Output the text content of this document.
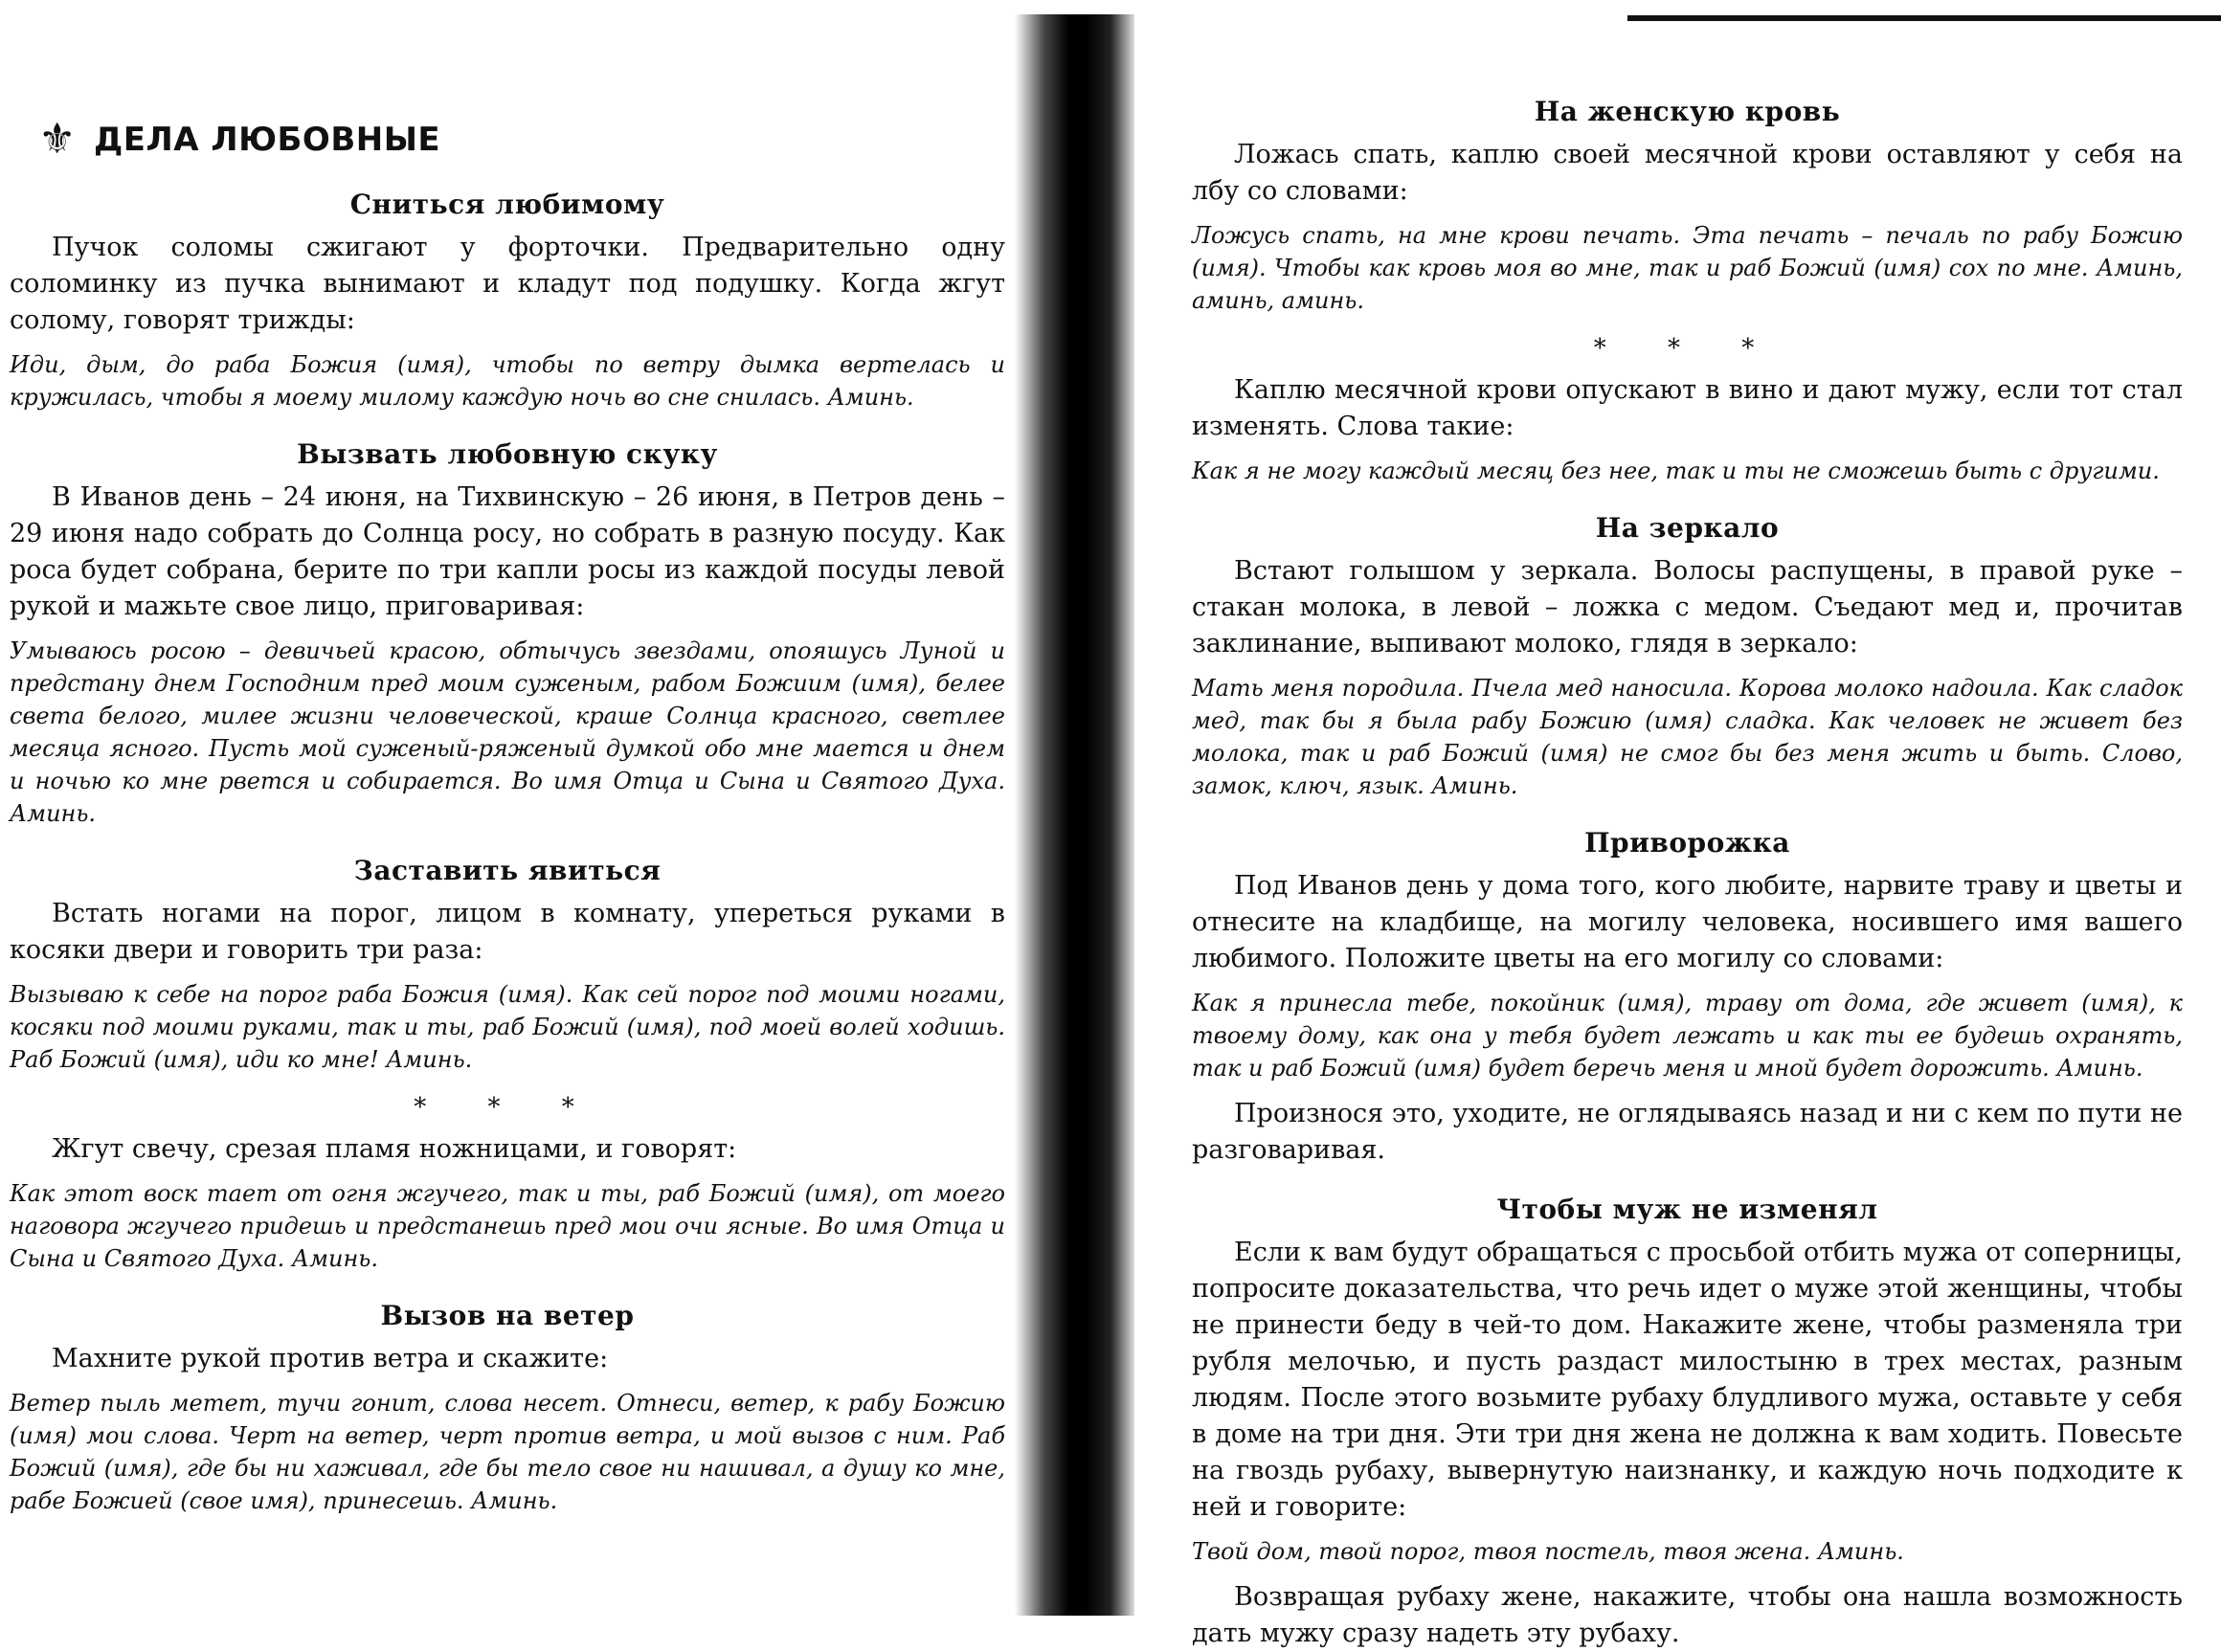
⚜ ДЕЛА ЛЮБОВНЫЕ
Сниться любимому

Пучок соломы сжигают у форточки. Предварительно одну соломинку из пучка вынимают и кладут под подушку. Когда жгут солому, говорят трижды:

Иди, дым, до раба Божия (имя), чтобы по ветру дымка вертелась и кружилась, чтобы я моему милому каждую ночь во сне снилась. Аминь.

Вызвать любовную скуку

В Иванов день – 24 июня, на Тихвинскую – 26 июня, в Петров день – 29 июня надо собрать до Солнца росу, но собрать в разную посуду. Как роса будет собрана, берите по три капли росы из каждой посуды левой рукой и мажьте свое лицо, приговаривая:

Умываюсь росою – девичьей красою, обтычусь звездами, опояшусь Луной и предстану днем Господним пред моим суженым, рабом Божиим (имя), белее света белого, милее жизни человеческой, краше Солнца красного, светлее месяца ясного. Пусть мой суженый-ряженый думкой обо мне мается и днем и ночью ко мне рвется и собирается. Во имя Отца и Сына и Святого Духа. Аминь.

Заставить явиться

Встать ногами на порог, лицом в комнату, упереться руками в косяки двери и говорить три раза:

Вызываю к себе на порог раба Божия (имя). Как сей порог под моими ногами, косяки под моими руками, так и ты, раб Божий (имя), под моей волей ходишь. Раб Божий (имя), иди ко мне! Аминь.

* * *

Жгут свечу, срезая пламя ножницами, и говорят:

Как этот воск тает от огня жгучего, так и ты, раб Божий (имя), от моего наговора жгучего придешь и предстанешь пред мои очи ясные. Во имя Отца и Сына и Святого Духа. Аминь.

Вызов на ветер

Махните рукой против ветра и скажите:

Ветер пыль метет, тучи гонит, слова несет. Отнеси, ветер, к рабу Божию (имя) мои слова. Черт на ветер, черт против ветра, и мой вызов с ним. Раб Божий (имя), где бы ни хаживал, где бы тело свое ни нашивал, а душу ко мне, рабе Божией (свое имя), принесешь. Аминь.

На женскую кровь

Ложась спать, каплю своей месячной крови оставляют у себя на лбу со словами:

Ложусь спать, на мне крови печать. Эта печать – печаль по рабу Божию (имя). Чтобы как кровь моя во мне, так и раб Божий (имя) сох по мне. Аминь, аминь, аминь.

* * *

Каплю месячной крови опускают в вино и дают мужу, если тот стал изменять. Слова такие:

Как я не могу каждый месяц без нее, так и ты не сможешь быть с другими.

На зеркало

Встают голышом у зеркала. Волосы распущены, в правой руке – стакан молока, в левой – ложка с медом. Съедают мед и, прочитав заклинание, выпивают молоко, глядя в зеркало:

Мать меня породила. Пчела мед наносила. Корова молоко надоила. Как сладок мед, так бы я была рабу Божию (имя) сладка. Как человек не живет без молока, так и раб Божий (имя) не смог бы без меня жить и быть. Слово, замок, ключ, язык. Аминь.

Приворожка

Под Иванов день у дома того, кого любите, нарвите траву и цветы и отнесите на кладбище, на могилу человека, носившего имя вашего любимого. Положите цветы на его могилу со словами:

Как я принесла тебе, покойник (имя), траву от дома, где живет (имя), к твоему дому, как она у тебя будет лежать и как ты ее будешь охранять, так и раб Божий (имя) будет беречь меня и мной будет дорожить. Аминь.

Произнося это, уходите, не оглядываясь назад и ни с кем по пути не разговаривая.

Чтобы муж не изменял

Если к вам будут обращаться с просьбой отбить мужа от соперницы, попросите доказательства, что речь идет о муже этой женщины, чтобы не принести беду в чей-то дом. Накажите жене, чтобы разменяла три рубля мелочью, и пусть раздаст милостыню в трех местах, разным людям. После этого возьмите рубаху блудливого мужа, оставьте у себя в доме на три дня. Эти три дня жена не должна к вам ходить. Повесьте на гвоздь рубаху, вывернутую наизнанку, и каждую ночь подходите к ней и говорите:

Твой дом, твой порог, твоя постель, твоя жена. Аминь.

Возвращая рубаху жене, накажите, чтобы она нашла возможность дать мужу сразу надеть эту рубаху.
